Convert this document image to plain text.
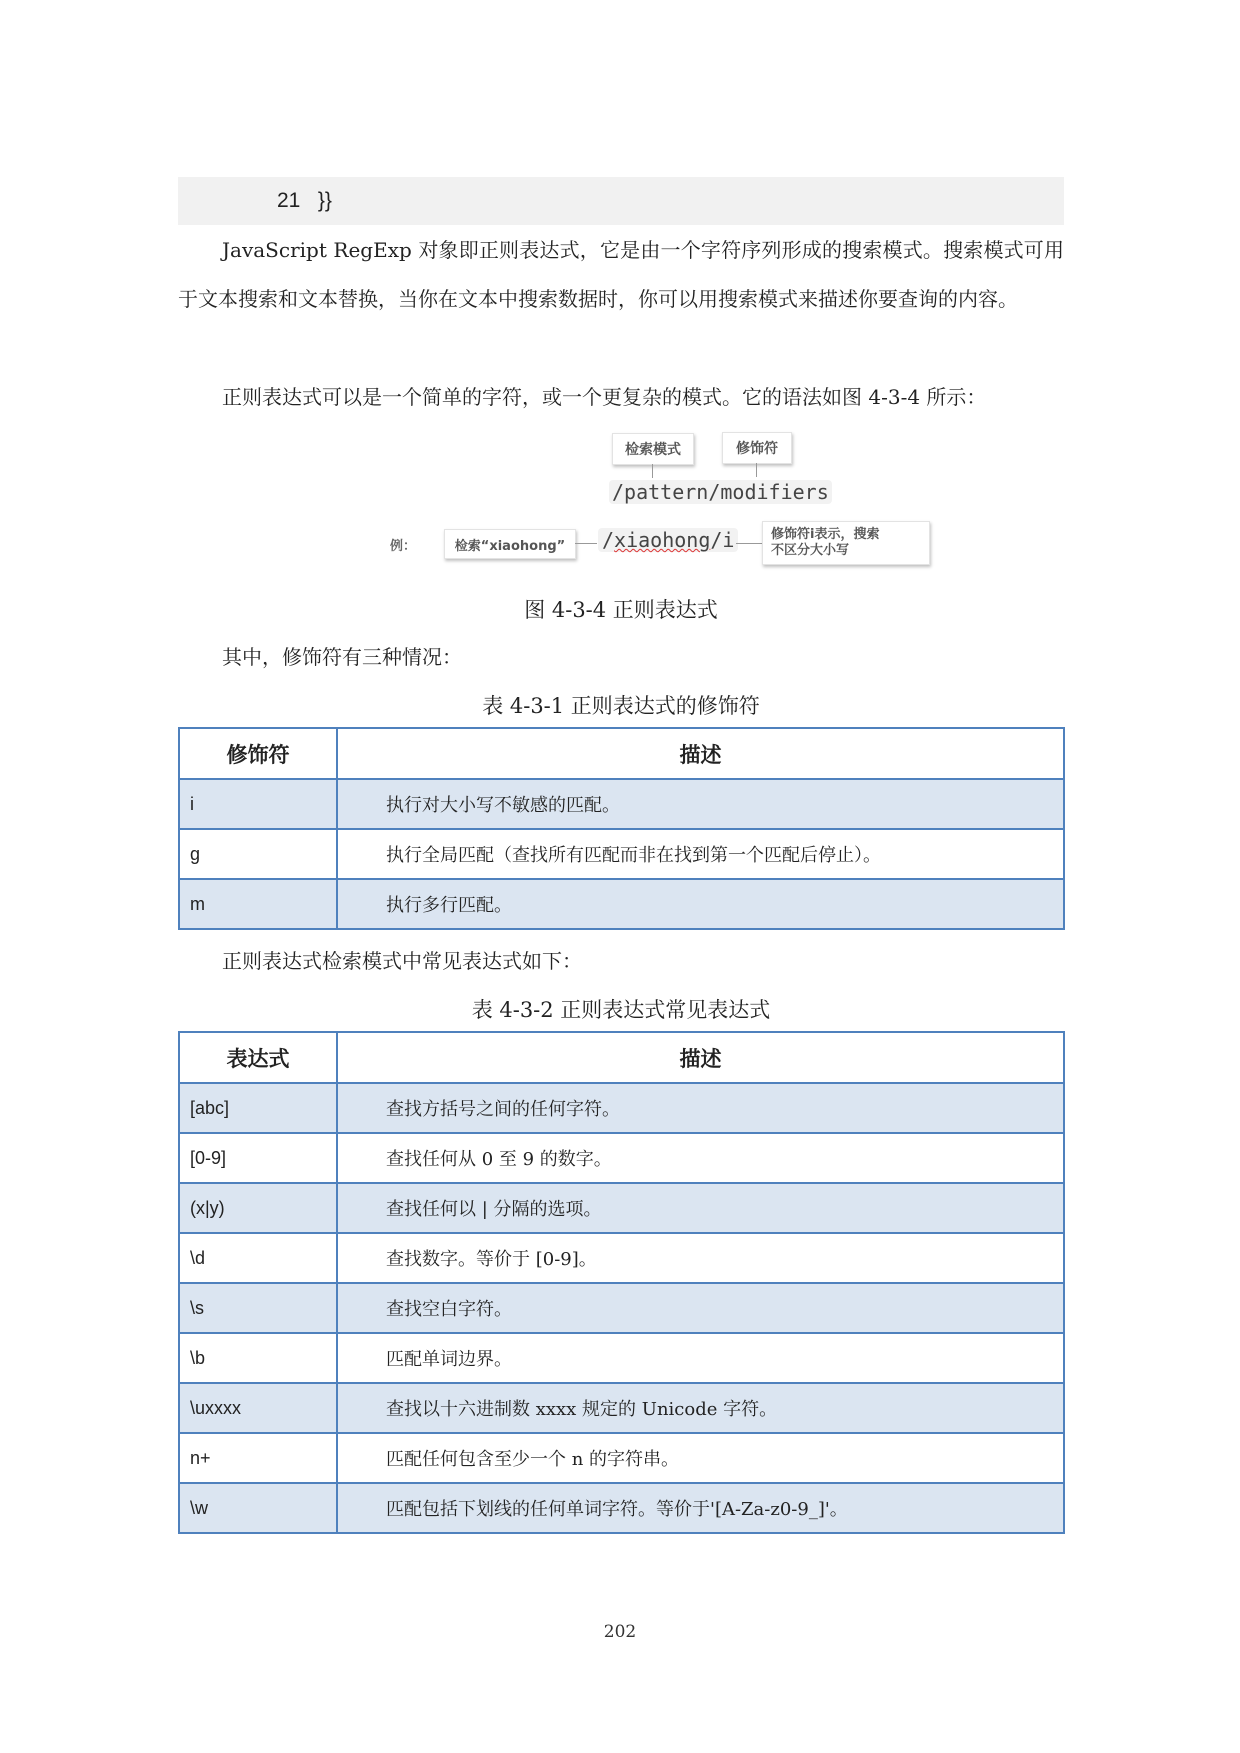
21 }}
JavaScript RegExp 对象即正则表达式，它是由一个字符序列形成的搜索模式。搜索模式可用于文本搜索和文本替换，当你在文本中搜索数据时，你可以用搜索模式来描述你要查询的内容。
正则表达式可以是一个简单的字符，或一个更复杂的模式。它的语法如图 4-3-4 所示：
检索模式	修饰符
/pattern/modifiers
例：	检索“xiaohong”	/xiaohong/i	修饰符i表示，搜索
不区分大小写
图 4-3-4 正则表达式
其中，修饰符有三种情况：
表 4-3-1 正则表达式的修饰符
修饰符	描述
i	执行对大小写不敏感的匹配。
g	执行全局匹配（查找所有匹配而非在找到第一个匹配后停止）。
m	执行多行匹配。
正则表达式检索模式中常见表达式如下：
表 4-3-2 正则表达式常见表达式
表达式	描述
[abc]	查找方括号之间的任何字符。
[0-9]	查找任何从 0 至 9 的数字。
(x|y)	查找任何以 | 分隔的选项。
\d	查找数字。等价于 [0-9]。
\s	查找空白字符。
\b	匹配单词边界。
\uxxxx	查找以十六进制数 xxxx 规定的 Unicode 字符。
n+	匹配任何包含至少一个 n 的字符串。
\w	匹配包括下划线的任何单词字符。等价于'[A-Za-z0-9_]'。
202
